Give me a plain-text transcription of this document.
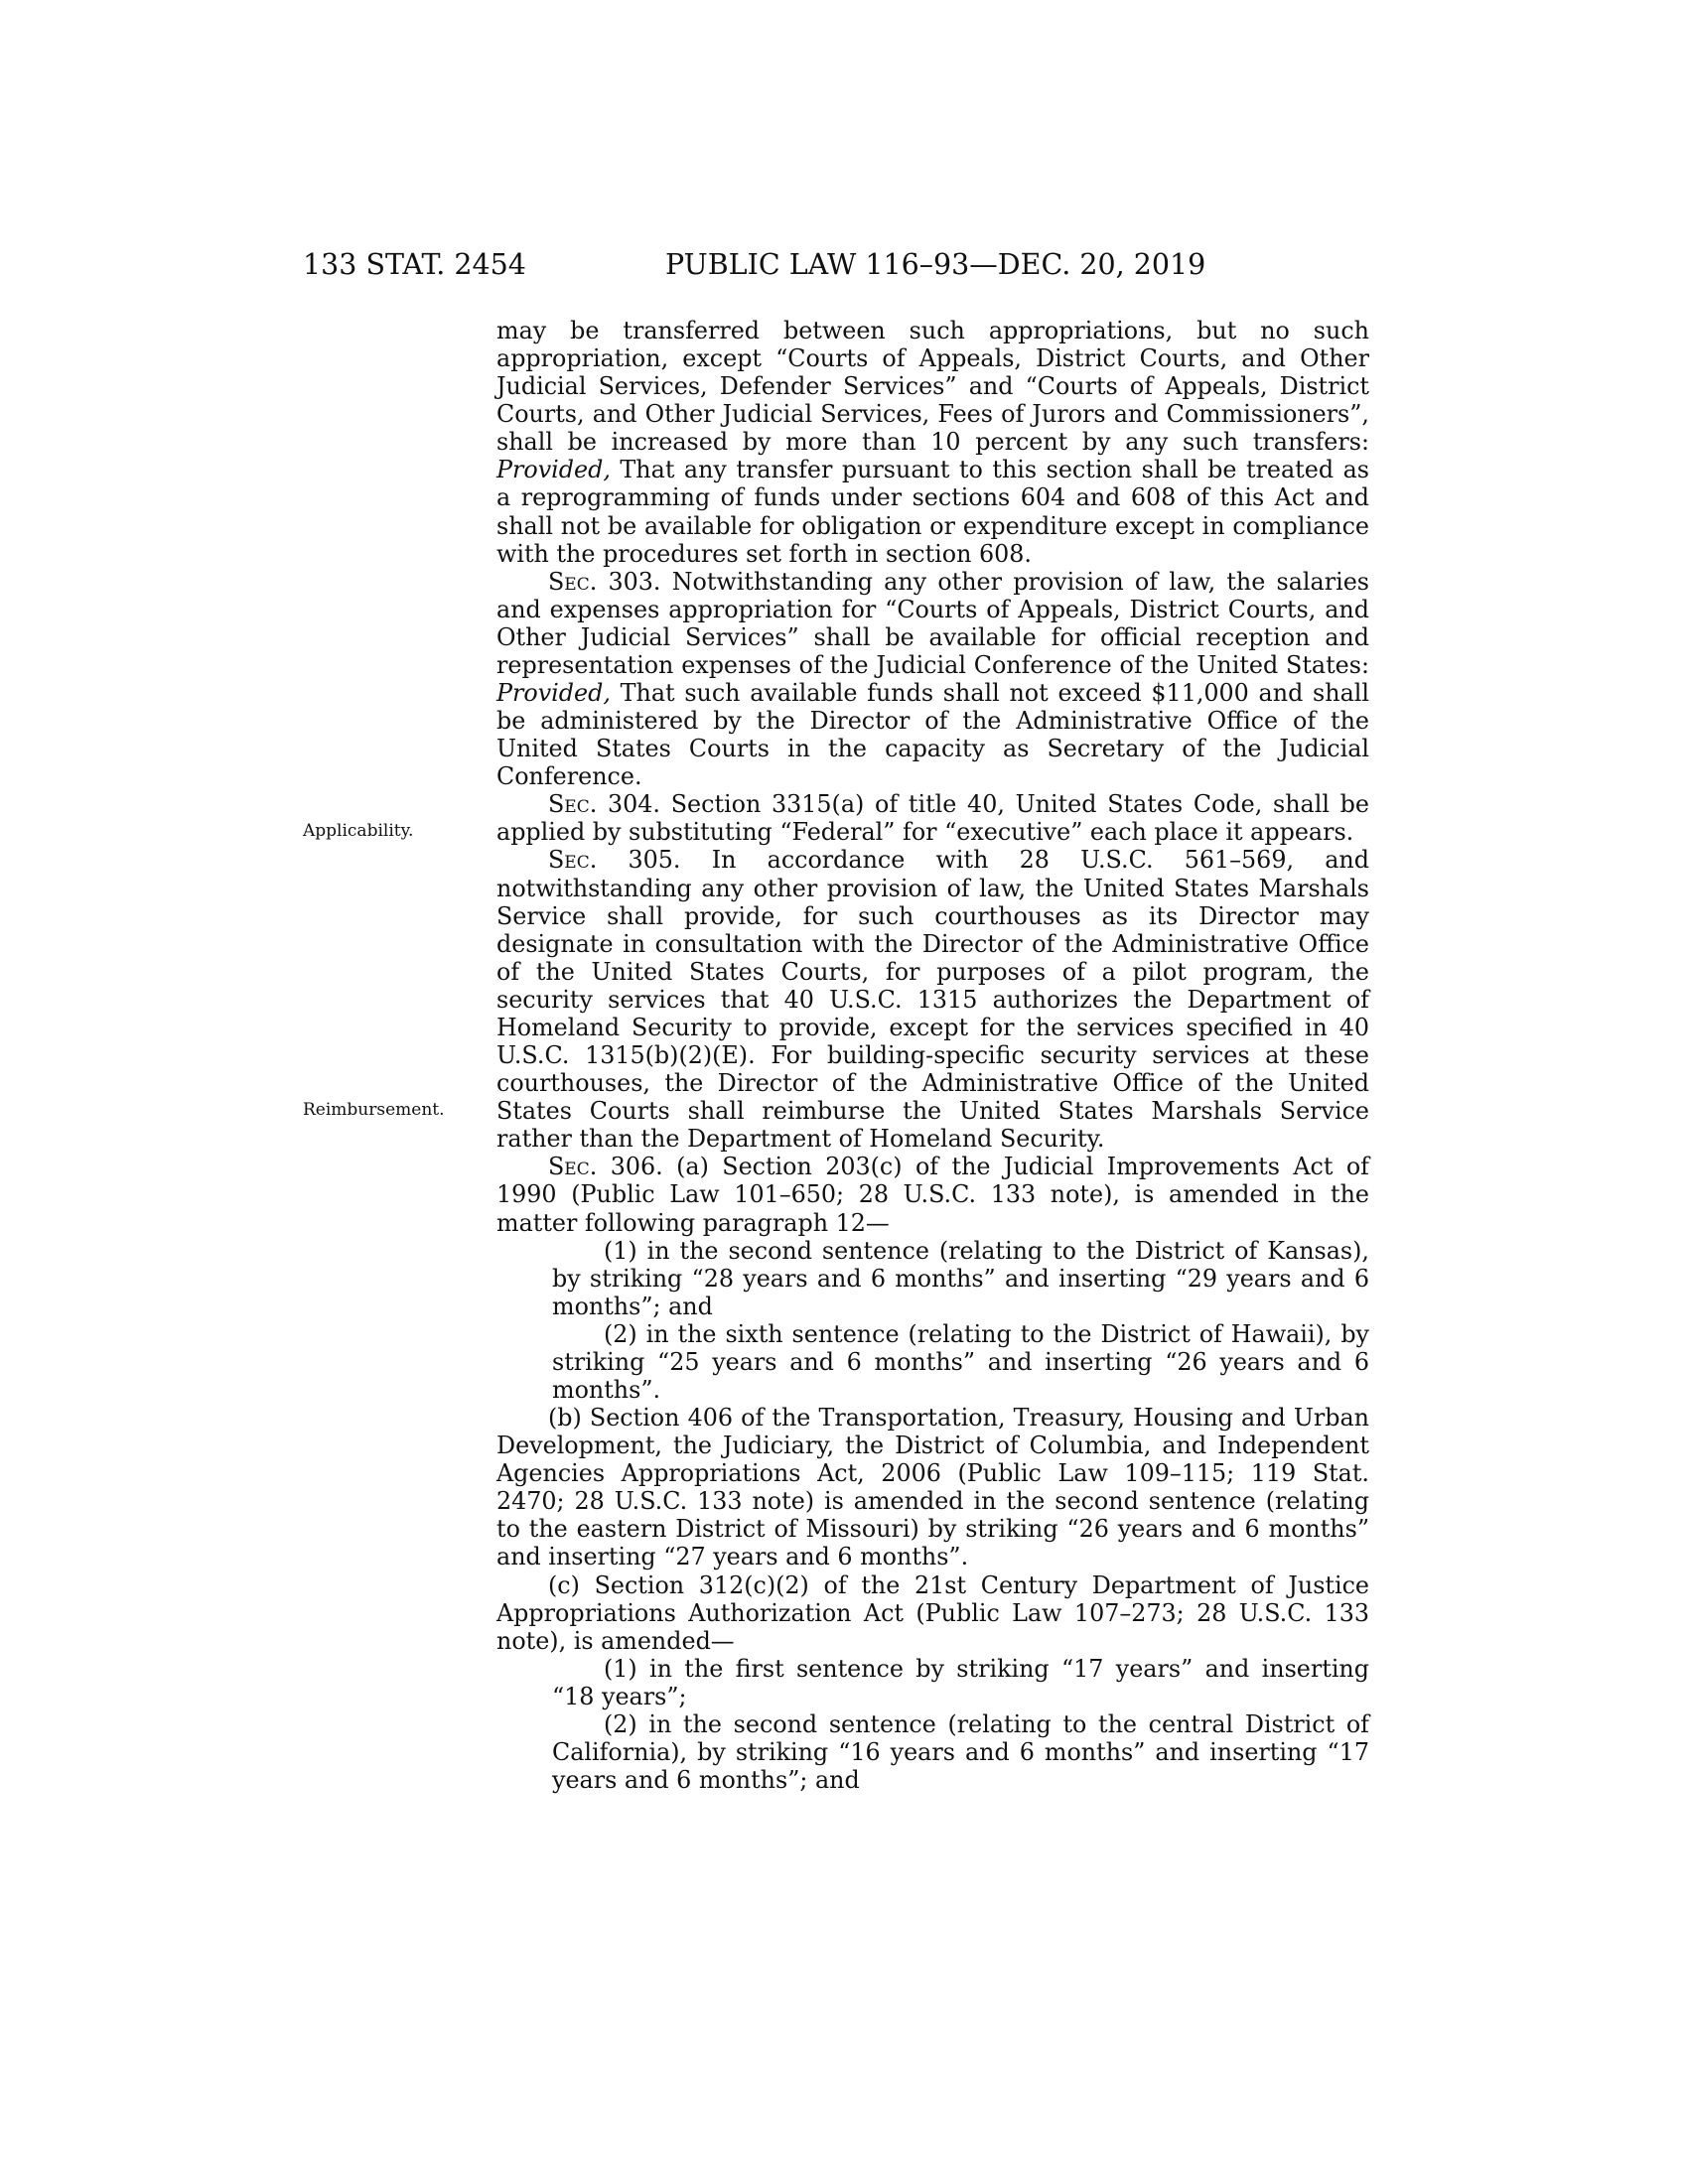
133 STAT. 2454	PUBLIC LAW 116–93—DEC. 20, 2019
Applicability.
Reimbursement.

may be transferred between such appropriations, but no such appropriation, except “Courts of Appeals, District Courts, and Other Judicial Services, Defender Services” and “Courts of Appeals, District Courts, and Other Judicial Services, Fees of Jurors and Commissioners”, shall be increased by more than 10 percent by any such transfers: Provided, That any transfer pursuant to this section shall be treated as a reprogramming of funds under sections 604 and 608 of this Act and shall not be available for obligation or expenditure except in compliance with the procedures set forth in section 608.

Sec. 303. Notwithstanding any other provision of law, the salaries and expenses appropriation for “Courts of Appeals, District Courts, and Other Judicial Services” shall be available for official reception and representation expenses of the Judicial Conference of the United States: Provided, That such available funds shall not exceed $11,000 and shall be administered by the Director of the Administrative Office of the United States Courts in the capacity as Secretary of the Judicial Conference.

Sec. 304. Section 3315(a) of title 40, United States Code, shall be applied by substituting “Federal” for “executive” each place it appears.

Sec. 305. In accordance with 28 U.S.C. 561–569, and notwithstanding any other provision of law, the United States Marshals Service shall provide, for such courthouses as its Director may designate in consultation with the Director of the Administrative Office of the United States Courts, for purposes of a pilot program, the security services that 40 U.S.C. 1315 authorizes the Department of Homeland Security to provide, except for the services specified in 40 U.S.C. 1315(b)(2)(E). For building-specific security services at these courthouses, the Director of the Administrative Office of the United States Courts shall reimburse the United States Marshals Service rather than the Department of Homeland Security.

Sec. 306. (a) Section 203(c) of the Judicial Improvements Act of 1990 (Public Law 101–650; 28 U.S.C. 133 note), is amended in the matter following paragraph 12—

(1) in the second sentence (relating to the District of Kansas), by striking “28 years and 6 months” and inserting “29 years and 6 months”; and

(2) in the sixth sentence (relating to the District of Hawaii), by striking “25 years and 6 months” and inserting “26 years and 6 months”.

(b) Section 406 of the Transportation, Treasury, Housing and Urban Development, the Judiciary, the District of Columbia, and Independent Agencies Appropriations Act, 2006 (Public Law 109–115; 119 Stat. 2470; 28 U.S.C. 133 note) is amended in the second sentence (relating to the eastern District of Missouri) by striking “26 years and 6 months” and inserting “27 years and 6 months”.

(c) Section 312(c)(2) of the 21st Century Department of Justice Appropriations Authorization Act (Public Law 107–273; 28 U.S.C. 133 note), is amended—

(1) in the first sentence by striking “17 years” and inserting “18 years”;

(2) in the second sentence (relating to the central District of California), by striking “16 years and 6 months” and inserting “17 years and 6 months”; and
